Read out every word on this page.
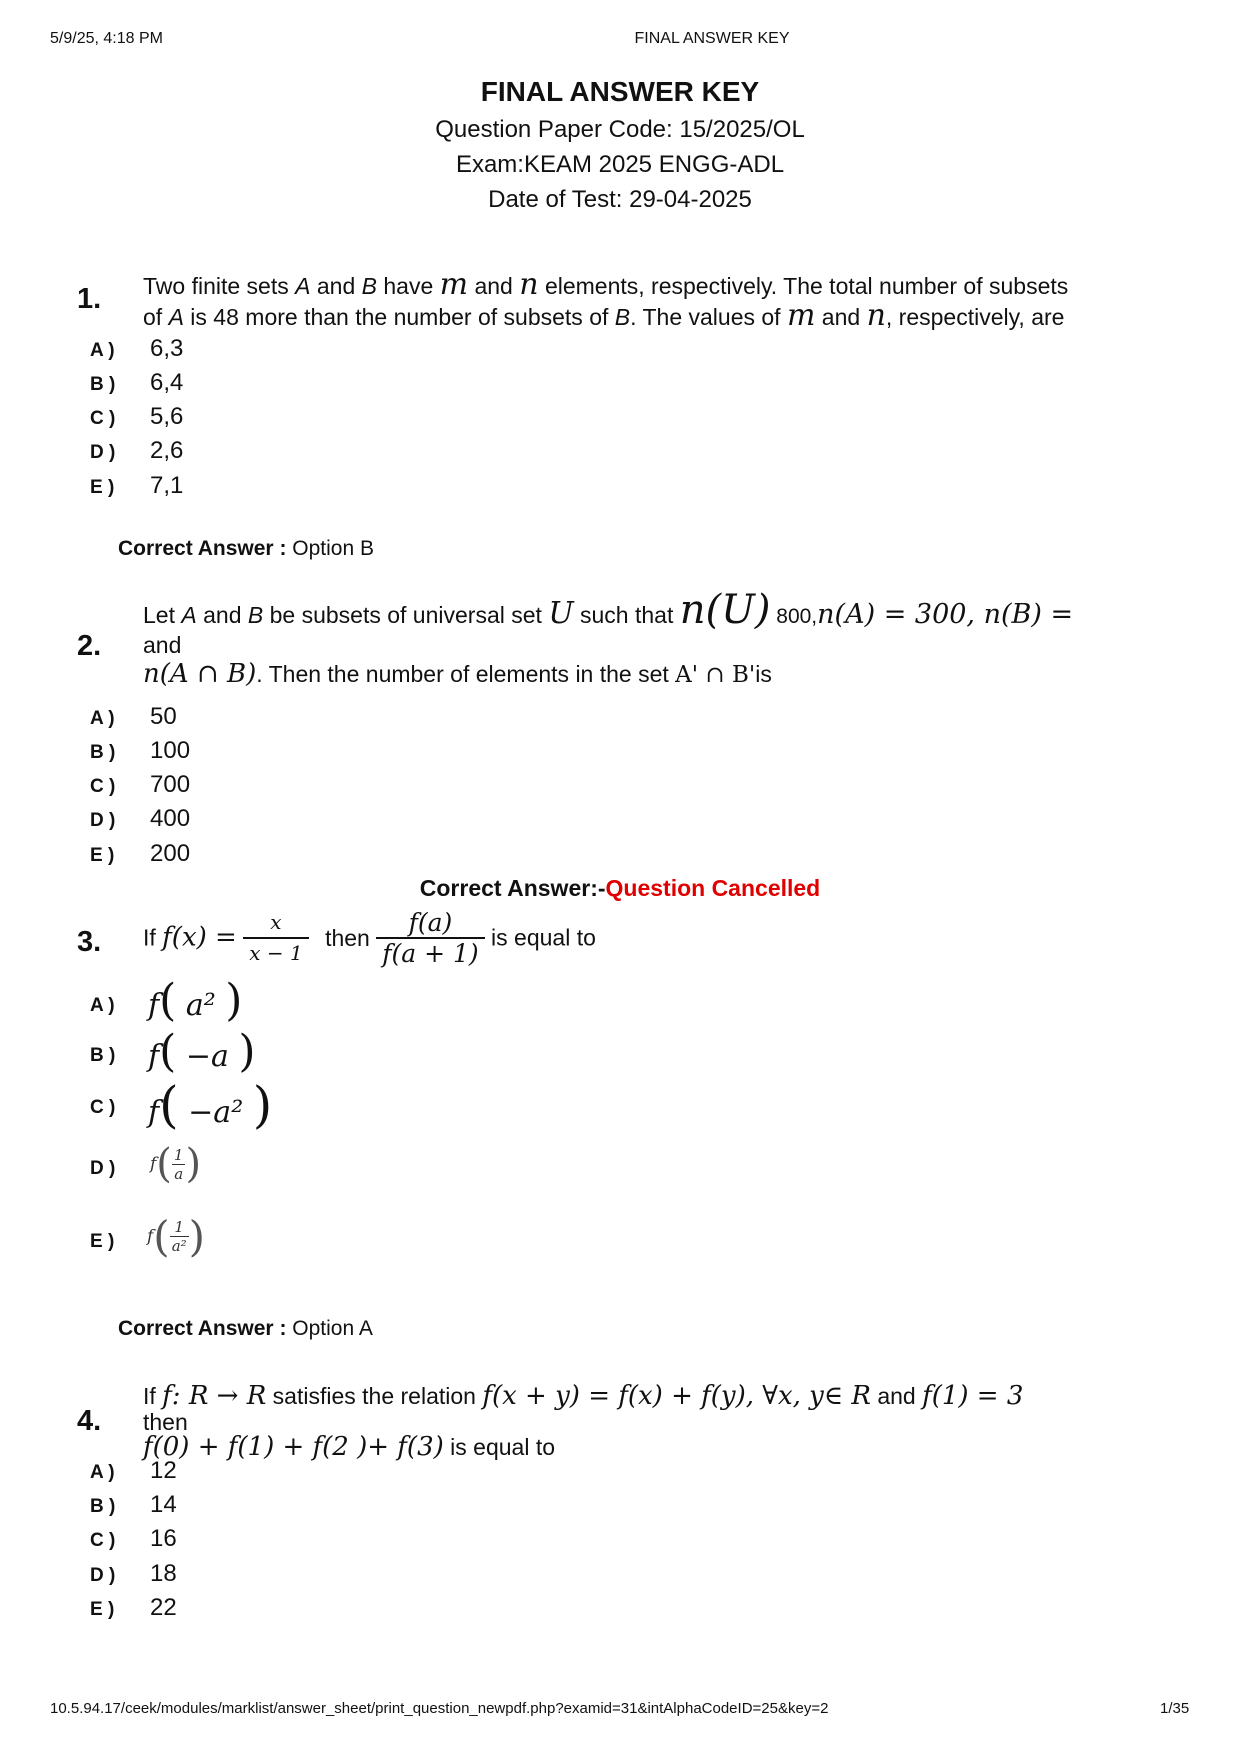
5/9/25, 4:18 PM	FINAL ANSWER KEY
FINAL ANSWER KEY
Question Paper Code: 15/2025/OL
Exam:KEAM 2025 ENGG-ADL
Date of Test: 29-04-2025
1. Two finite sets A and B have m and n elements, respectively. The total number of subsets
of A is 48 more than the number of subsets of B. The values of m and n, respectively, are
A ) 6,3
B ) 6,4
C ) 5,6
D ) 2,6
E ) 7,1
Correct Answer : Option B
2.
Let A and B be subsets of universal set U such that n(U) 800,n(A) = 300, n(B) =
and
n(A ∩ B). Then the number of elements in the set A' ∩ B'is
A ) 50
B ) 100
C ) 700
D ) 400
E ) 200
Correct Answer:-Question Cancelled
3. If $f(x) = \frac{x}{x - 1}$ then $\frac{f(a)}{f(a + 1)}$ is equal to
A ) f( a² )
B ) f( −a )
C ) f( −a² )
D ) $f( \frac{1}{a}$ )
E ) $f( \frac{1}{\text{a²}}$ )
Correct Answer : Option A
4.
If f: R → R satisfies the relation f(x + y) = f(x) + f(y), ∀x, y∈ R and f(1) = 3
then
f(0) + f(1) + f(2 )+ f(3) is equal to
A ) 12
B ) 14
C ) 16
D ) 18
E ) 22
10.5.94.17/ceek/modules/marklist/answer_sheet/print_question_newpdf.php?examid=31&intAlphaCodeID=25&key=2	1/35
